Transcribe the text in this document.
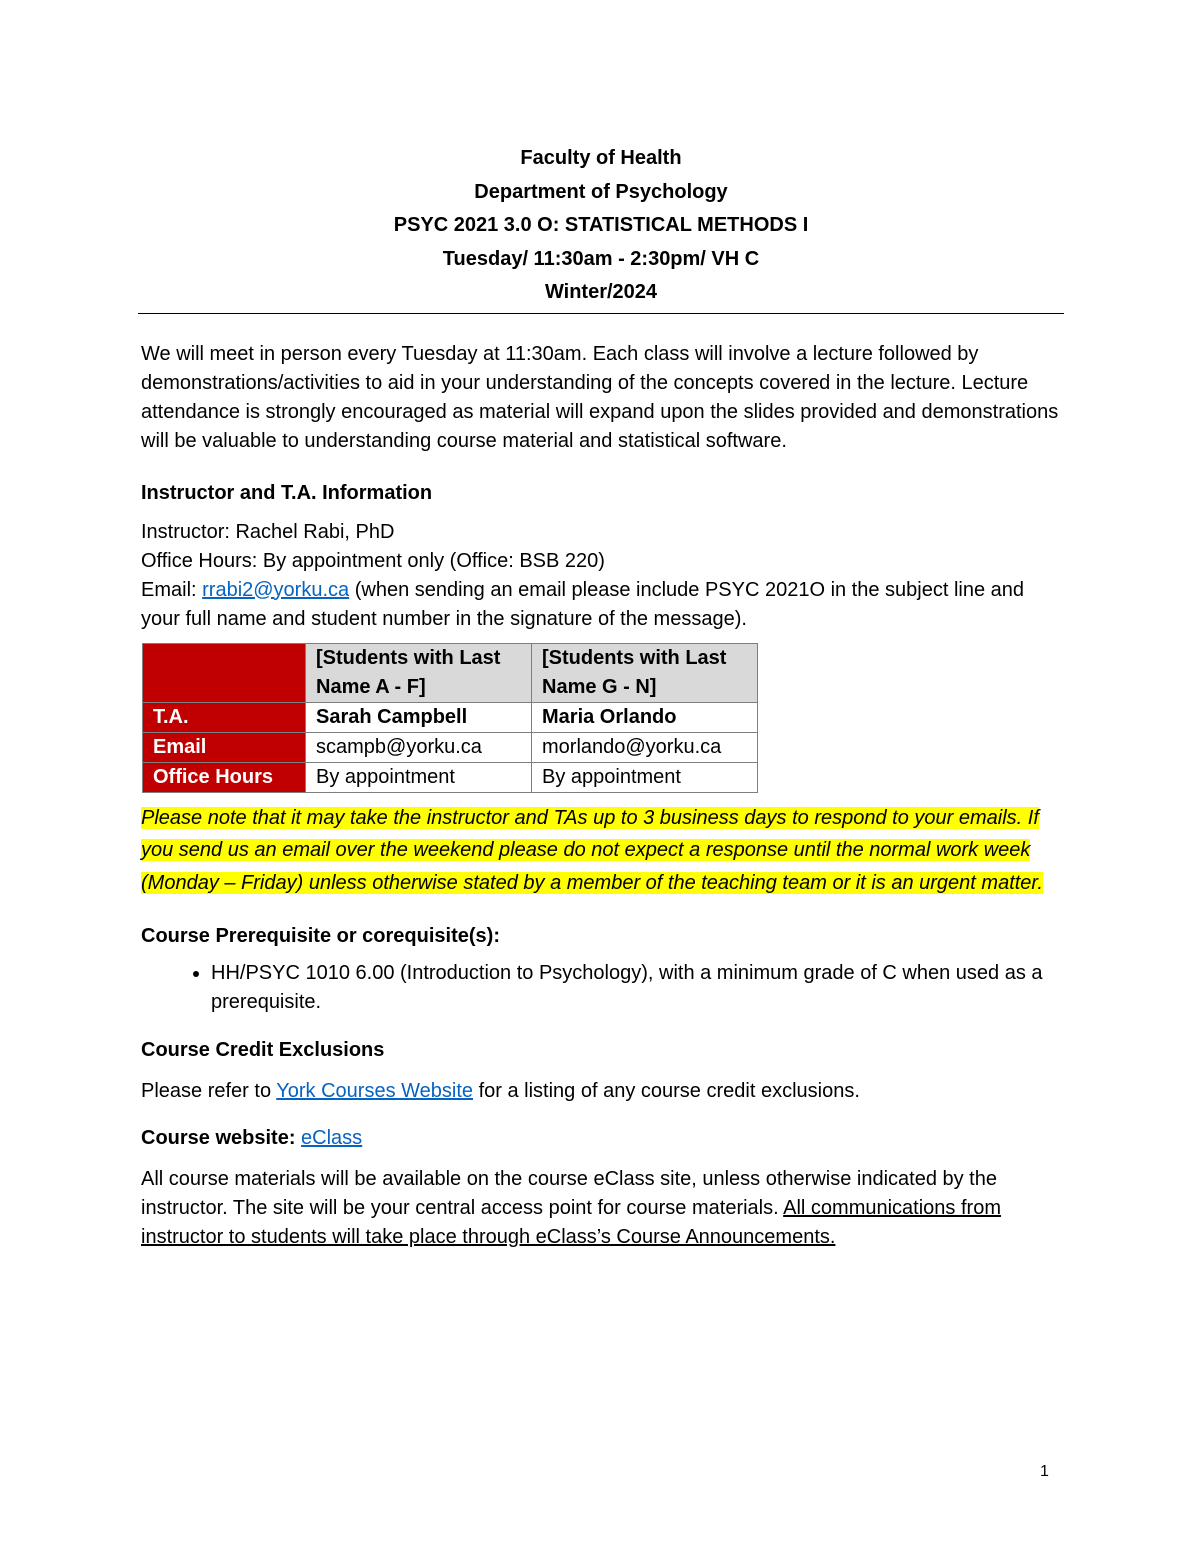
Faculty of Health
Department of Psychology
PSYC 2021 3.0 O: STATISTICAL METHODS I
Tuesday/ 11:30am - 2:30pm/ VH C
Winter/2024

We will meet in person every Tuesday at 11:30am. Each class will involve a lecture followed by demonstrations/activities to aid in your understanding of the concepts covered in the lecture. Lecture attendance is strongly encouraged as material will expand upon the slides provided and demonstrations will be valuable to understanding course material and statistical software.

Instructor and T.A. Information

Instructor: Rachel Rabi, PhD

Office Hours: By appointment only (Office: BSB 220)

Email: rrabi2@yorku.ca (when sending an email please include PSYC 2021O in the subject line and your full name and student number in the signature of the message).

	[Students with Last Name A - F]	[Students with Last Name G - N]
T.A.	Sarah Campbell	Maria Orlando
Email	scampb@yorku.ca	morlando@yorku.ca
Office Hours	By appointment	By appointment

Please note that it may take the instructor and TAs up to 3 business days to respond to your emails. If you send us an email over the weekend please do not expect a response until the normal work week (Monday – Friday) unless otherwise stated by a member of the teaching team or it is an urgent matter.

Course Prerequisite or corequisite(s):
• HH/PSYC 1010 6.00 (Introduction to Psychology), with a minimum grade of C when used as a prerequisite.
Course Credit Exclusions

Please refer to York Courses Website for a listing of any course credit exclusions.

Course website: eClass

All course materials will be available on the course eClass site, unless otherwise indicated by the instructor. The site will be your central access point for course materials. All communications from instructor to students will take place through eClass’s Course Announcements.

1
